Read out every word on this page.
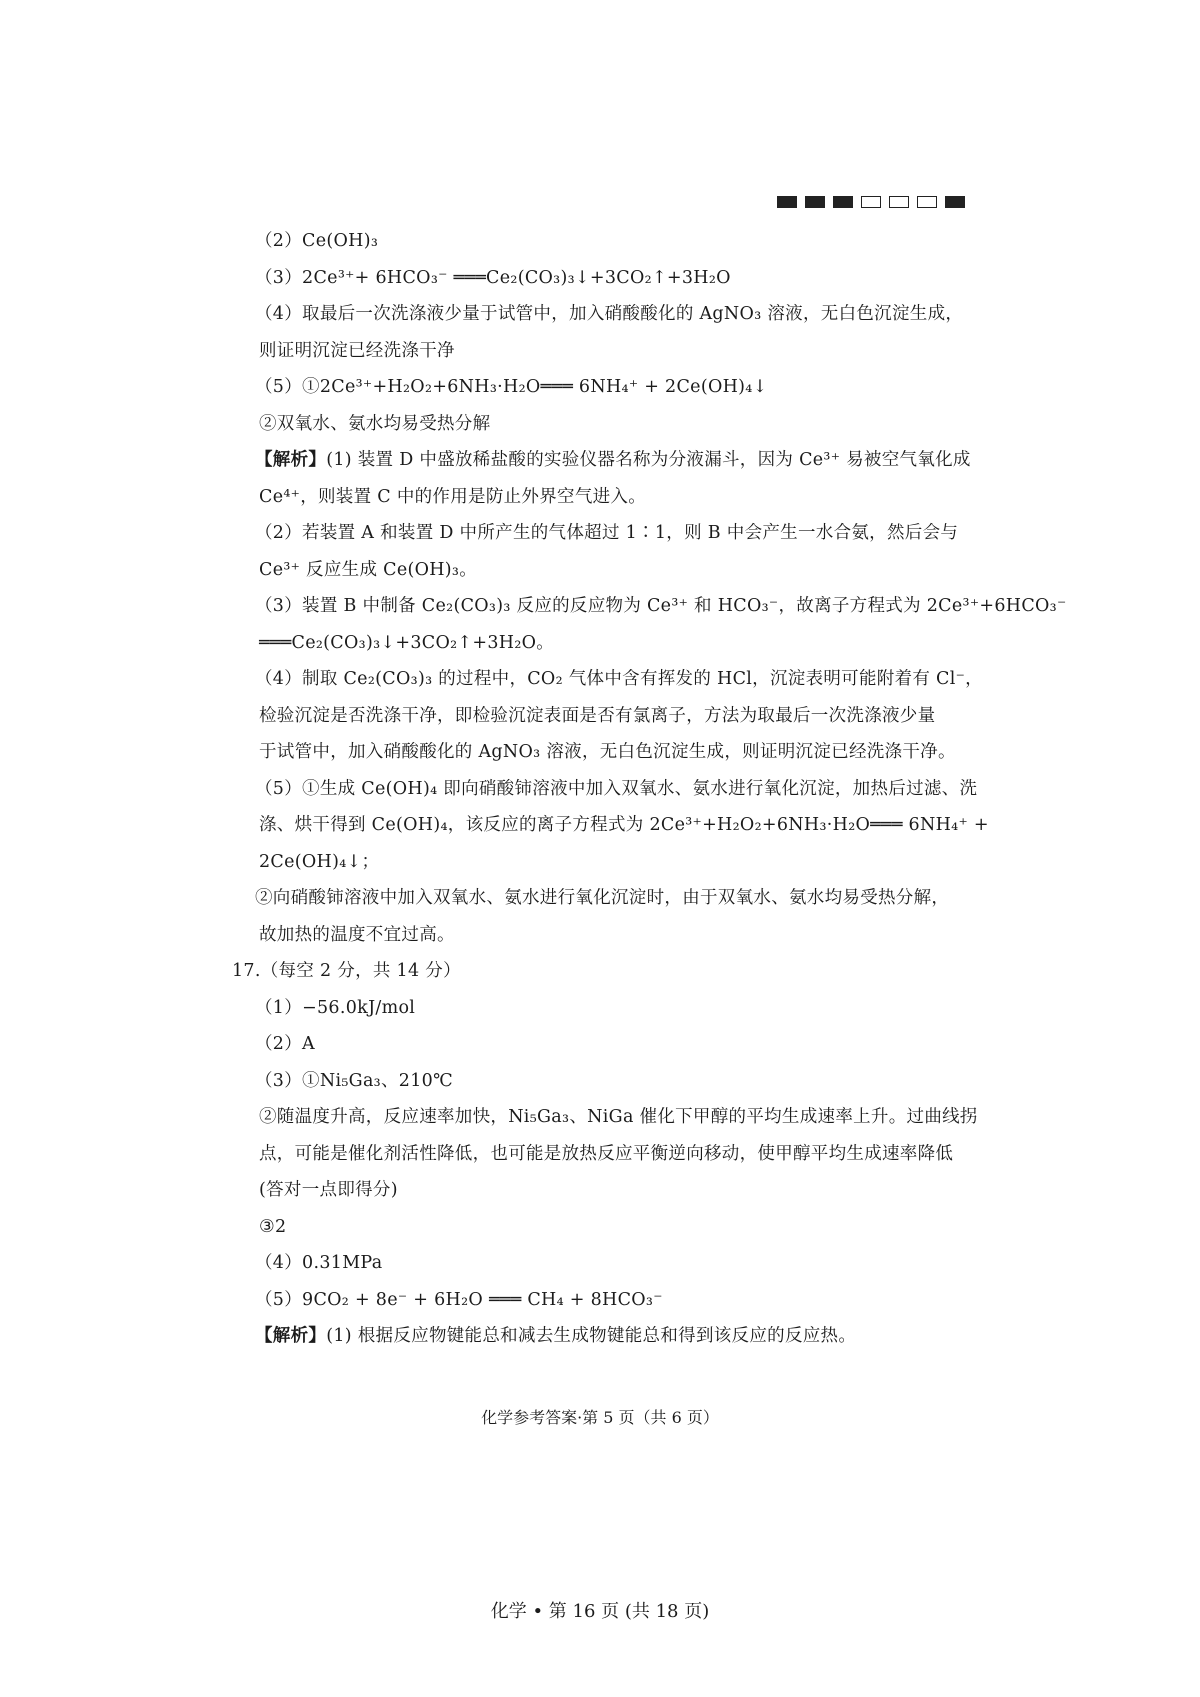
（2）Ce(OH)₃
（3）2Ce³⁺+ 6HCO₃⁻ ═══Ce₂(CO₃)₃↓+3CO₂↑+3H₂O
（4）取最后一次洗涤液少量于试管中，加入硝酸酸化的 AgNO₃ 溶液，无白色沉淀生成，
则证明沉淀已经洗涤干净
（5）①2Ce³⁺+H₂O₂+6NH₃·H₂O═══ 6NH₄⁺ + 2Ce(OH)₄↓
②双氧水、氨水均易受热分解
【解析】(1) 装置 D 中盛放稀盐酸的实验仪器名称为分液漏斗，因为 Ce³⁺ 易被空气氧化成
Ce⁴⁺，则装置 C 中的作用是防止外界空气进入。
（2）若装置 A 和装置 D 中所产生的气体超过 1∶1，则 B 中会产生一水合氨，然后会与
Ce³⁺ 反应生成 Ce(OH)₃。
（3）装置 B 中制备 Ce₂(CO₃)₃ 反应的反应物为 Ce³⁺ 和 HCO₃⁻，故离子方程式为 2Ce³⁺+6HCO₃⁻
═══Ce₂(CO₃)₃↓+3CO₂↑+3H₂O。
（4）制取 Ce₂(CO₃)₃ 的过程中，CO₂ 气体中含有挥发的 HCl，沉淀表明可能附着有 Cl⁻，
检验沉淀是否洗涤干净，即检验沉淀表面是否有氯离子，方法为取最后一次洗涤液少量
于试管中，加入硝酸酸化的 AgNO₃ 溶液，无白色沉淀生成，则证明沉淀已经洗涤干净。
（5）①生成 Ce(OH)₄ 即向硝酸铈溶液中加入双氧水、氨水进行氧化沉淀，加热后过滤、洗
涤、烘干得到 Ce(OH)₄，该反应的离子方程式为 2Ce³⁺+H₂O₂+6NH₃·H₂O═══ 6NH₄⁺ +
2Ce(OH)₄↓；
②向硝酸铈溶液中加入双氧水、氨水进行氧化沉淀时，由于双氧水、氨水均易受热分解，
故加热的温度不宜过高。
17.（每空 2 分，共 14 分）
（1）−56.0kJ/mol
（2）A
（3）①Ni₅Ga₃、210℃
②随温度升高，反应速率加快，Ni₅Ga₃、NiGa 催化下甲醇的平均生成速率上升。过曲线拐
点，可能是催化剂活性降低，也可能是放热反应平衡逆向移动，使甲醇平均生成速率降低
(答对一点即得分)
③2
（4）0.31MPa
（5）9CO₂ + 8e⁻ + 6H₂O ═══ CH₄ + 8HCO₃⁻
【解析】(1) 根据反应物键能总和减去生成物键能总和得到该反应的反应热。
化学参考答案·第 5 页（共 6 页）
化学 • 第 16 页 (共 18 页)
